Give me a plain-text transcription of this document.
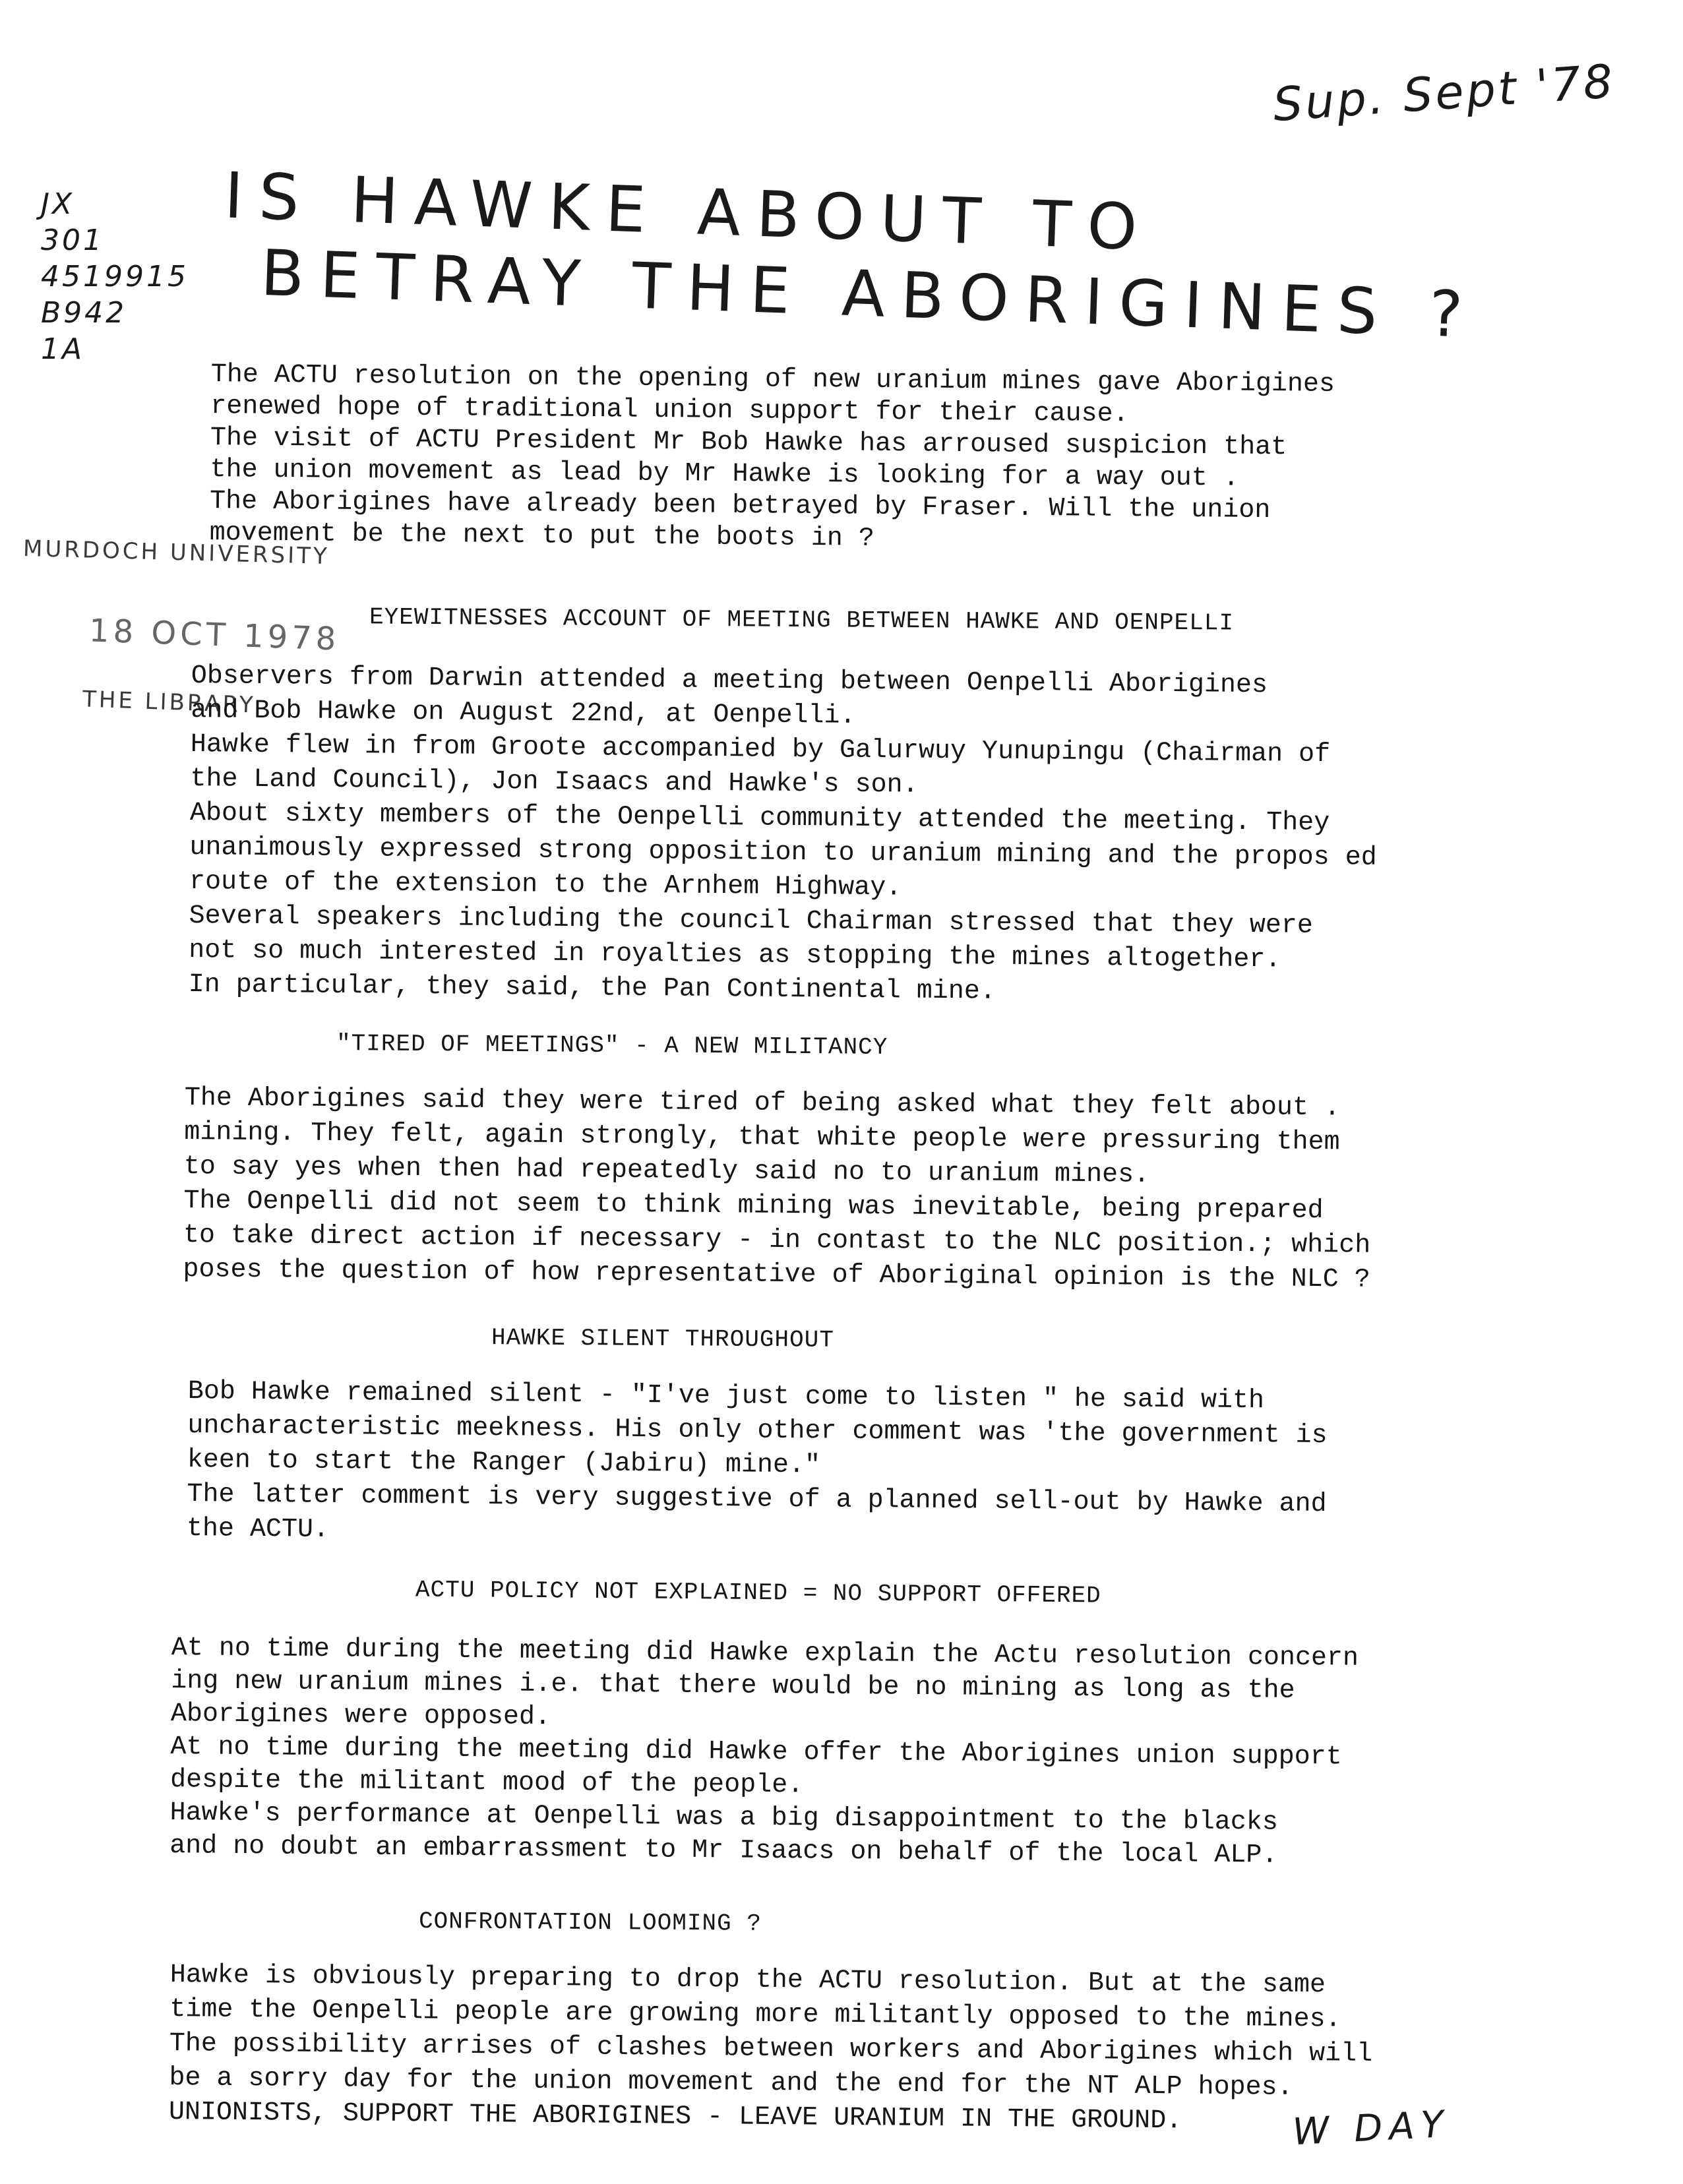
Sup. Sept '78
JX
301
4519915
B942
1A
IS HAWKE ABOUT TO
BETRAY THE ABORIGINES ?
MURDOCH UNIVERSITY
18 OCT 1978
THE LIBRARY
The ACTU resolution on the opening of new uranium mines gave Aborigines
renewed hope of traditional union support for their cause.
The visit of ACTU President Mr Bob Hawke has arroused suspicion that
the union movement as lead by Mr Hawke is looking for a way out .
The Aborigines have already been betrayed by Fraser. Will the union
movement be the next to put the boots in ?
EYEWITNESSES ACCOUNT OF MEETING BETWEEN HAWKE AND OENPELLI
Observers from Darwin attended a meeting between Oenpelli Aborigines
and Bob Hawke on August 22nd, at Oenpelli.
Hawke flew in from Groote accompanied by Galurwuy Yunupingu (Chairman of
the Land Council), Jon Isaacs and Hawke's son.
About sixty members of the Oenpelli community attended the meeting. They
unanimously expressed strong opposition to uranium mining and the propos ed
route of the extension to the Arnhem Highway.
Several speakers including the council Chairman stressed that they were
not so much interested in royalties as stopping the mines altogether.
In particular, they said, the Pan Continental mine.
"TIRED OF MEETINGS" - A NEW MILITANCY
The Aborigines said they were tired of being asked what they felt about .
mining. They felt, again strongly, that white people were pressuring them
to say yes when then had repeatedly said no to uranium mines.
The Oenpelli did not seem to think mining was inevitable, being prepared
to take direct action if necessary - in contast to the NLC position.; which
poses the question of how representative of Aboriginal opinion is the NLC ?
HAWKE SILENT THROUGHOUT
Bob Hawke remained silent - "I've just come to listen " he said with
uncharacteristic meekness. His only other comment was 'the government is
keen to start the Ranger (Jabiru) mine."
The latter comment is very suggestive of a planned sell-out by Hawke and
the ACTU.
ACTU POLICY NOT EXPLAINED = NO SUPPORT OFFERED
At no time during the meeting did Hawke explain the Actu resolution concern
ing new uranium mines i.e. that there would be no mining as long as the
Aborigines were opposed.
At no time during the meeting did Hawke offer the Aborigines union support
despite the militant mood of the people.
Hawke's performance at Oenpelli was a big disappointment to the blacks
and no doubt an embarrassment to Mr Isaacs on behalf of the local ALP.
CONFRONTATION LOOMING ?
Hawke is obviously preparing to drop the ACTU resolution. But at the same
time the Oenpelli people are growing more militantly opposed to the mines.
The possibility arrises of clashes between workers and Aborigines which will
be a sorry day for the union movement and the end for the NT ALP hopes.
UNIONISTS, SUPPORT THE ABORIGINES - LEAVE URANIUM IN THE GROUND.	W DAY
